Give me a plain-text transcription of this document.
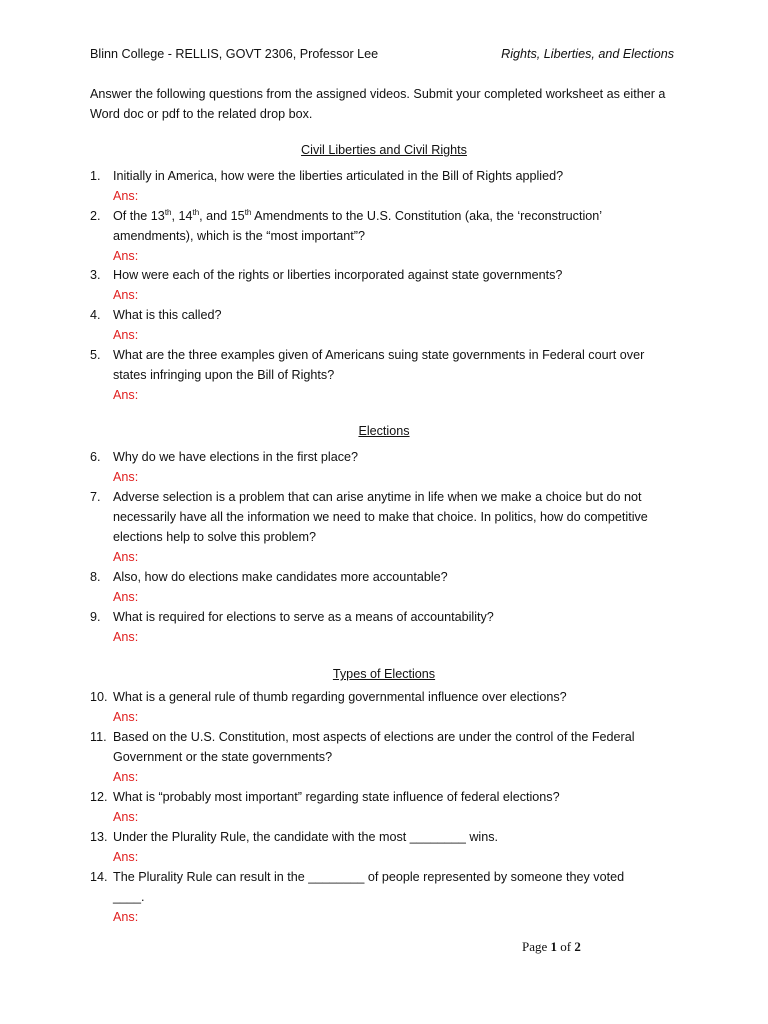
Blinn College - RELLIS, GOVT 2306, Professor Lee	Rights, Liberties, and Elections
Answer the following questions from the assigned videos. Submit your completed worksheet as either a Word doc or pdf to the related drop box.
Civil Liberties and Civil Rights
1. Initially in America, how were the liberties articulated in the Bill of Rights applied?
Ans:
2. Of the 13th, 14th, and 15th Amendments to the U.S. Constitution (aka, the ‘reconstruction’ amendments), which is the “most important”?
Ans:
3. How were each of the rights or liberties incorporated against state governments?
Ans:
4. What is this called?
Ans:
5. What are the three examples given of Americans suing state governments in Federal court over states infringing upon the Bill of Rights?
Ans:
Elections
6. Why do we have elections in the first place?
Ans:
7. Adverse selection is a problem that can arise anytime in life when we make a choice but do not necessarily have all the information we need to make that choice. In politics, how do competitive elections help to solve this problem?
Ans:
8. Also, how do elections make candidates more accountable?
Ans:
9. What is required for elections to serve as a means of accountability?
Ans:
Types of Elections
10. What is a general rule of thumb regarding governmental influence over elections?
Ans:
11. Based on the U.S. Constitution, most aspects of elections are under the control of the Federal Government or the state governments?
Ans:
12. What is “probably most important” regarding state influence of federal elections?
Ans:
13. Under the Plurality Rule, the candidate with the most ________ wins.
Ans:
14. The Plurality Rule can result in the ________ of people represented by someone they voted ____.
Ans:
Page 1 of 2
